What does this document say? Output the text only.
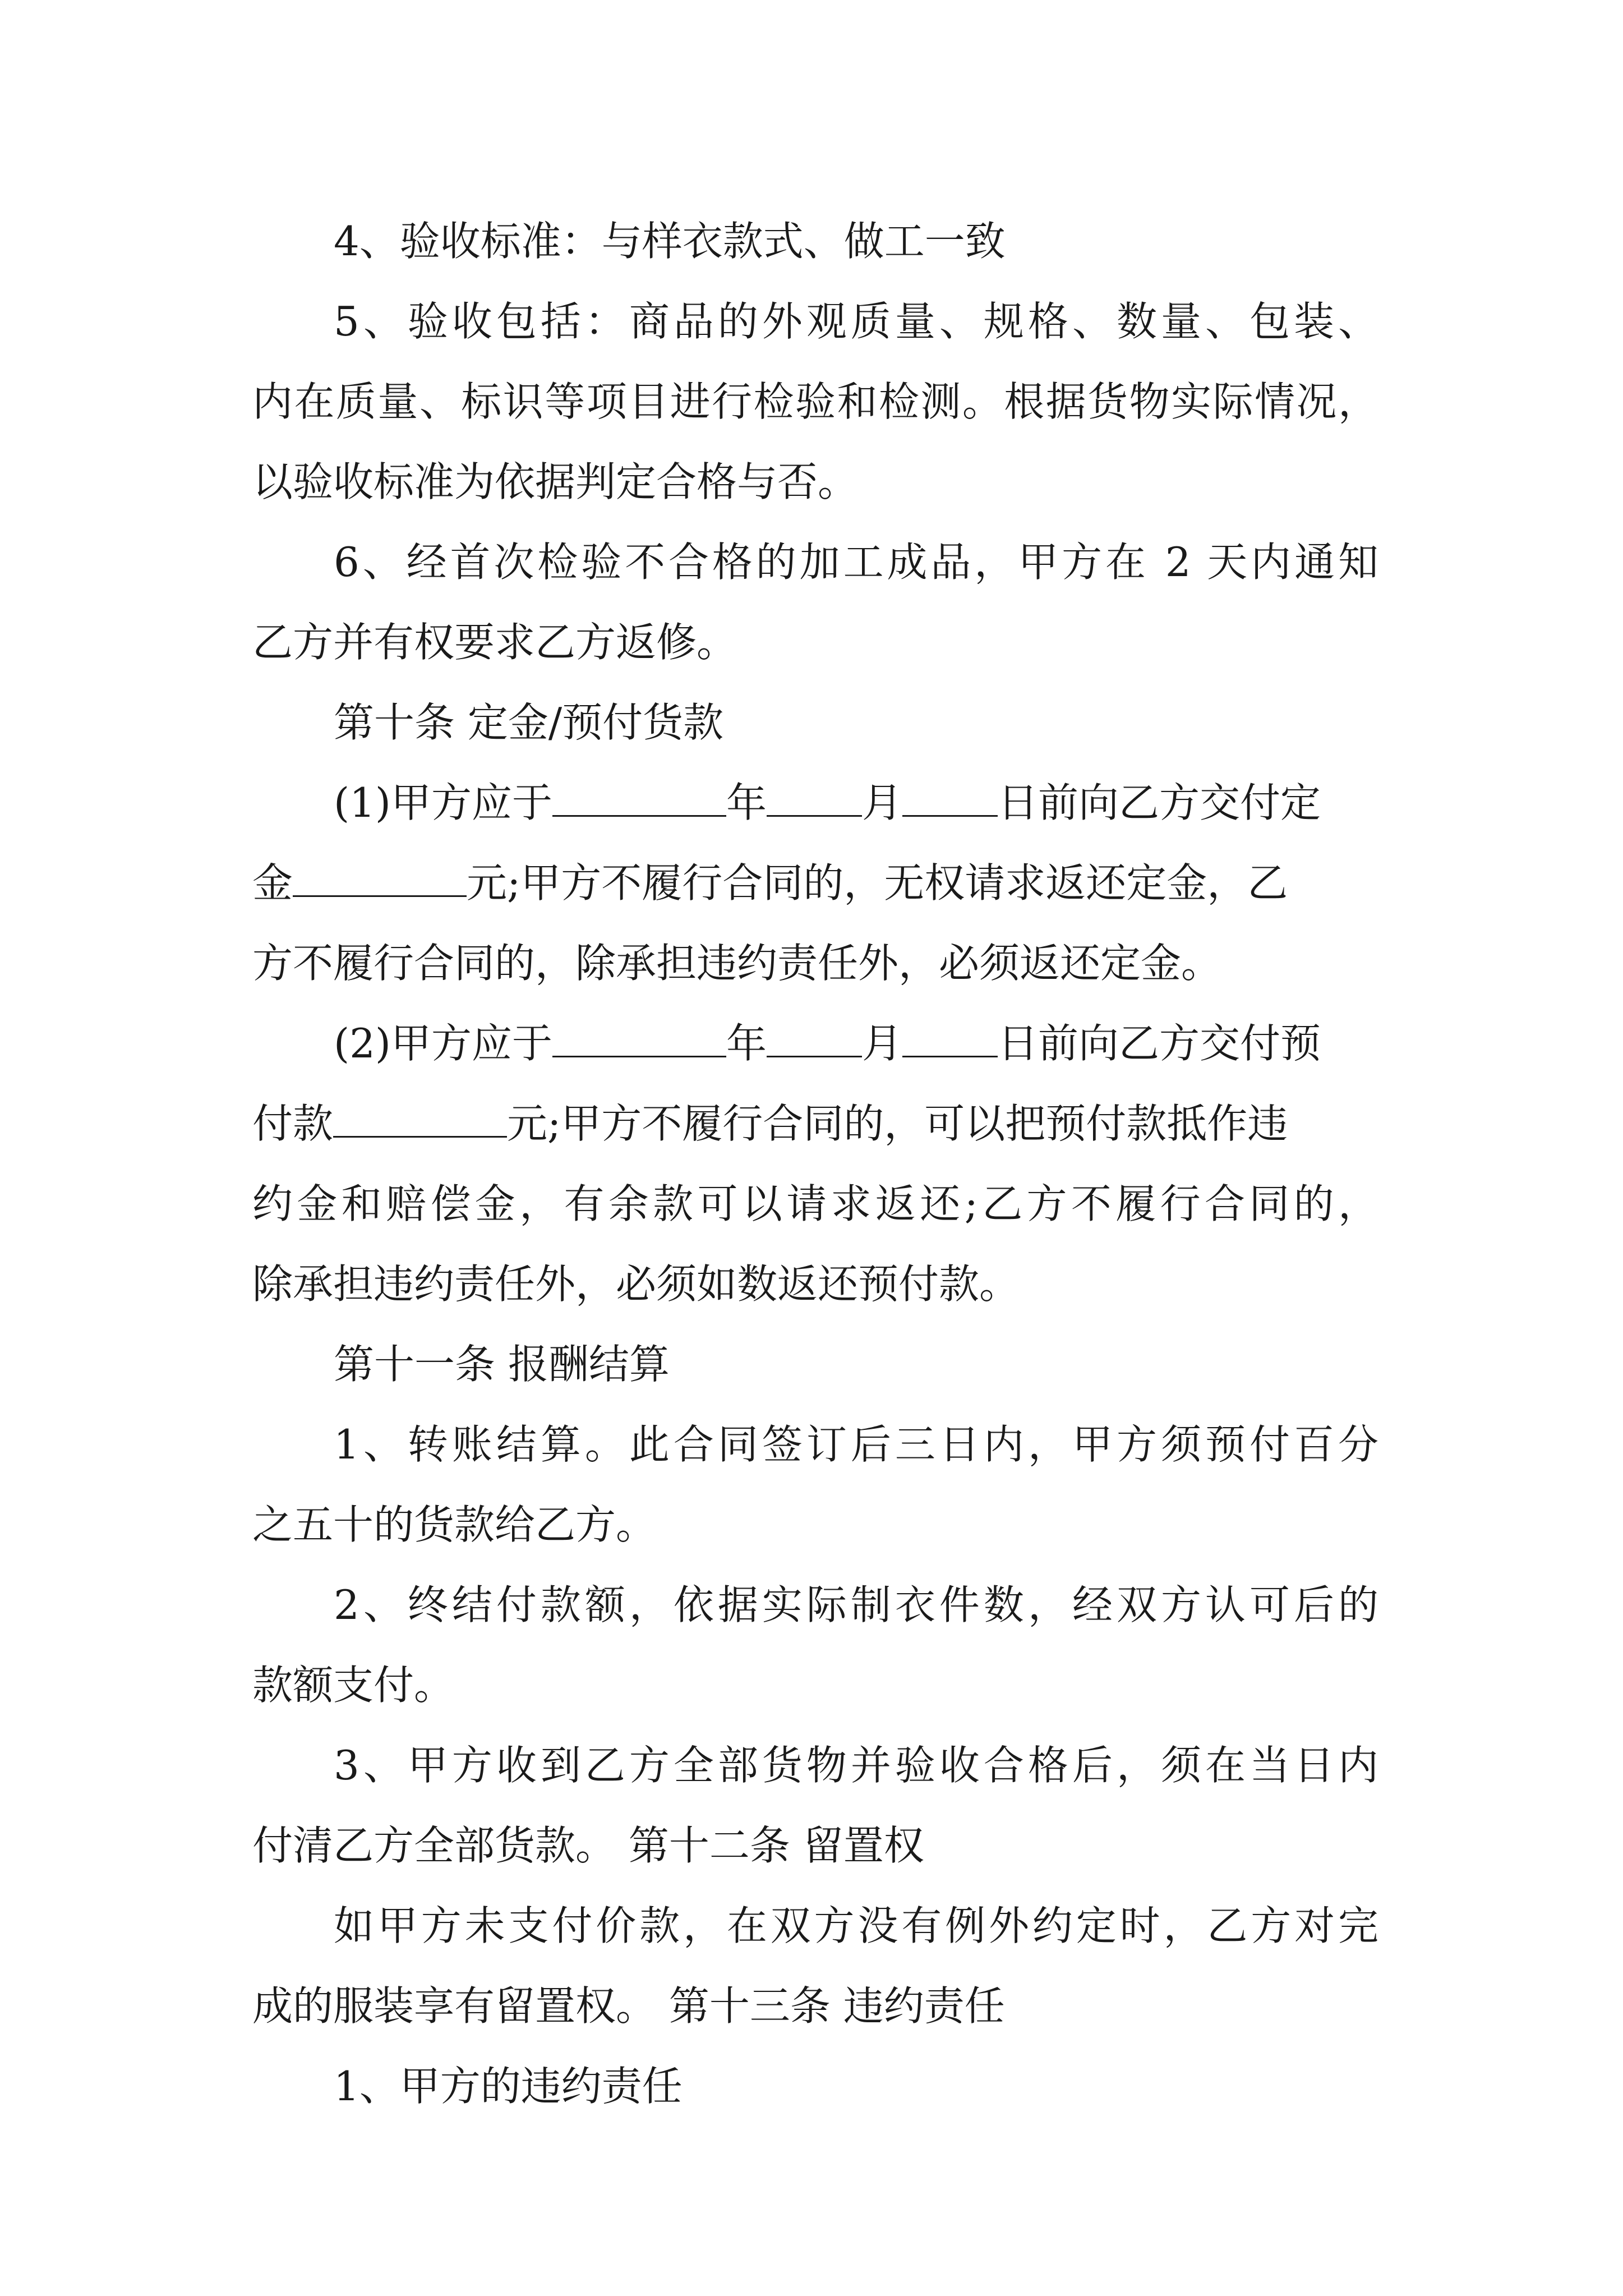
4、验收标准：与样衣款式、做工一致
5、验收包括：商品的外观质量、规格、数量、包装、
内在质量、标识等项目进行检验和检测。根据货物实际情况，
以验收标准为依据判定合格与否。
6、经首次检验不合格的加工成品，甲方在 2 天内通知
乙方并有权要求乙方返修。
第十条 定金/预付货款
(1)甲方应于	年 月 日前向乙方交付定
金	元;甲方不履行合同的，无权请求返还定金，乙
方不履行合同的，除承担违约责任外，必须返还定金。
(2)甲方应于	年 月 日前向乙方交付预
付款	元;甲方不履行合同的，可以把预付款抵作违
约金和赔偿金，有余款可以请求返还;乙方不履行合同的，
除承担违约责任外，必须如数返还预付款。
第十一条 报酬结算
1、转账结算。此合同签订后三日内，甲方须预付百分
之五十的货款给乙方。
2、终结付款额，依据实际制衣件数，经双方认可后的
款额支付。
3、甲方收到乙方全部货物并验收合格后，须在当日内
付清乙方全部货款。 第十二条 留置权
如甲方未支付价款，在双方没有例外约定时，乙方对完
成的服装享有留置权。 第十三条 违约责任
1、甲方的违约责任
